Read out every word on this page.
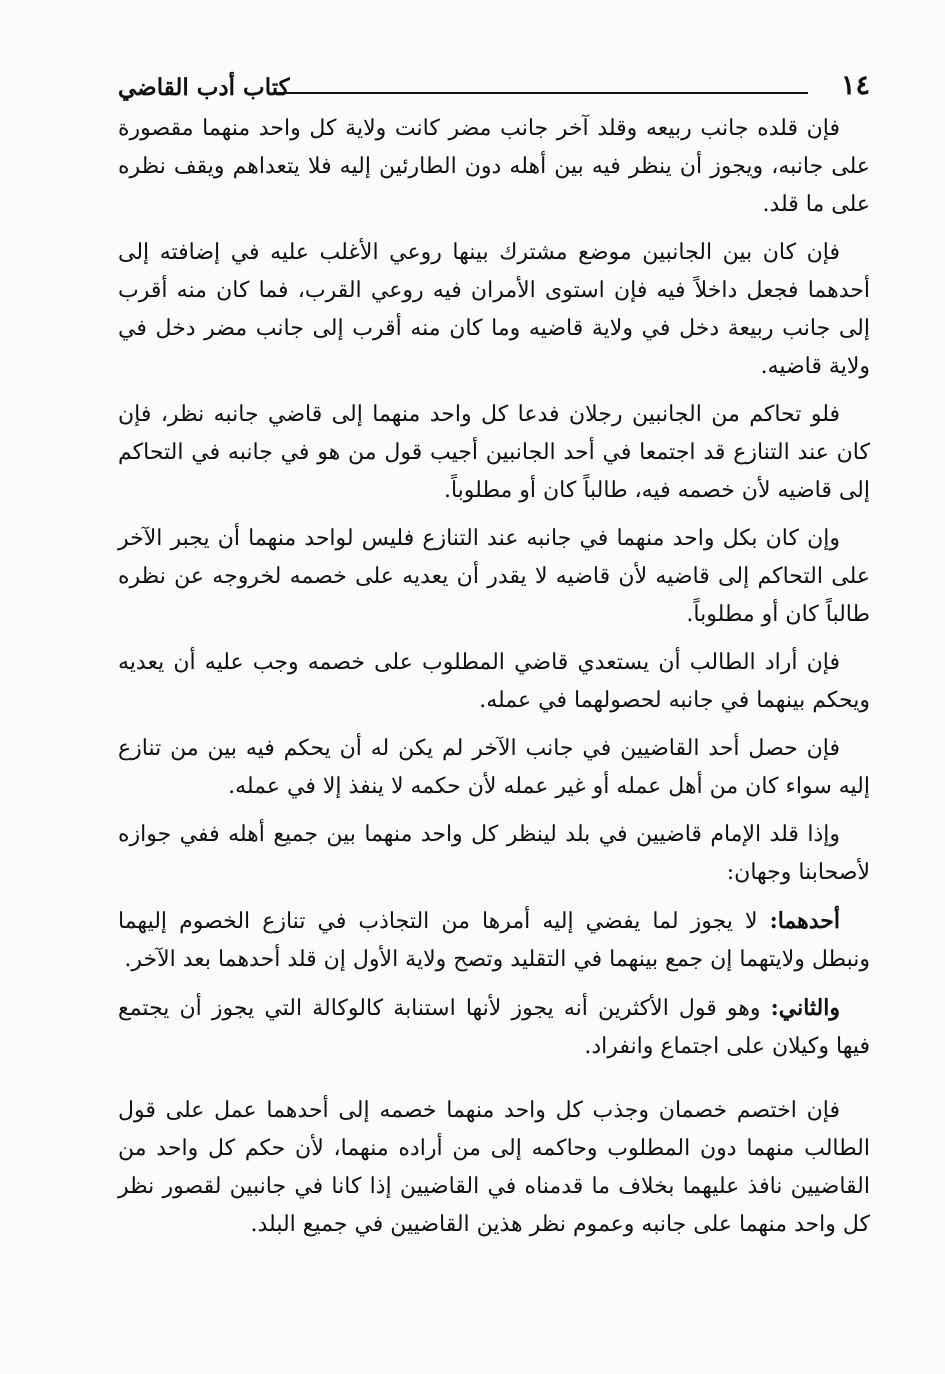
١٤
كتاب أدب القاضي

فإن قلده جانب ربيعه وقلد آخر جانب مضر كانت ولاية كل واحد منهما مقصورة على جانبه، ويجوز أن ينظر فيه بين أهله دون الطارئين إليه فلا يتعداهم ويقف نظره على ما قلد.

فإن كان بين الجانبين موضع مشترك بينها روعي الأغلب عليه في إضافته إلى أحدهما فجعل داخلاً فيه فإن استوى الأمران فيه روعي القرب، فما كان منه أقرب إلى جانب ربيعة دخل في ولاية قاضيه وما كان منه أقرب إلى جانب مضر دخل في ولاية قاضيه.

فلو تحاكم من الجانبين رجلان فدعا كل واحد منهما إلى قاضي جانبه نظر، فإن كان عند التنازع قد اجتمعا في أحد الجانبين أجيب قول من هو في جانبه في التحاكم إلى قاضيه لأن خصمه فيه، طالباً كان أو مطلوباً.

وإن كان بكل واحد منهما في جانبه عند التنازع فليس لواحد منهما أن يجبر الآخر على التحاكم إلى قاضيه لأن قاضيه لا يقدر أن يعديه على خصمه لخروجه عن نظره طالباً كان أو مطلوباً.

فإن أراد الطالب أن يستعدي قاضي المطلوب على خصمه وجب عليه أن يعديه ويحكم بينهما في جانبه لحصولهما في عمله.

فإن حصل أحد القاضيين في جانب الآخر لم يكن له أن يحكم فيه بين من تنازع إليه سواء كان من أهل عمله أو غير عمله لأن حكمه لا ينفذ إلا في عمله.

وإذا قلد الإمام قاضيين في بلد لينظر كل واحد منهما بين جميع أهله ففي جوازه لأصحابنا وجهان:

أحدهما: لا يجوز لما يفضي إليه أمرها من التجاذب في تنازع الخصوم إليهما ونبطل ولايتهما إن جمع بينهما في التقليد وتصح ولاية الأول إن قلد أحدهما بعد الآخر.

والثاني: وهو قول الأكثرين أنه يجوز لأنها استنابة كالوكالة التي يجوز أن يجتمع فيها وكيلان على اجتماع وانفراد.

فإن اختصم خصمان وجذب كل واحد منهما خصمه إلى أحدهما عمل على قول الطالب منهما دون المطلوب وحاكمه إلى من أراده منهما، لأن حكم كل واحد من القاضيين نافذ عليهما بخلاف ما قدمناه في القاضيين إذا كانا في جانبين لقصور نظر كل واحد منهما على جانبه وعموم نظر هذين القا‌ضيين في جميع البلد.
